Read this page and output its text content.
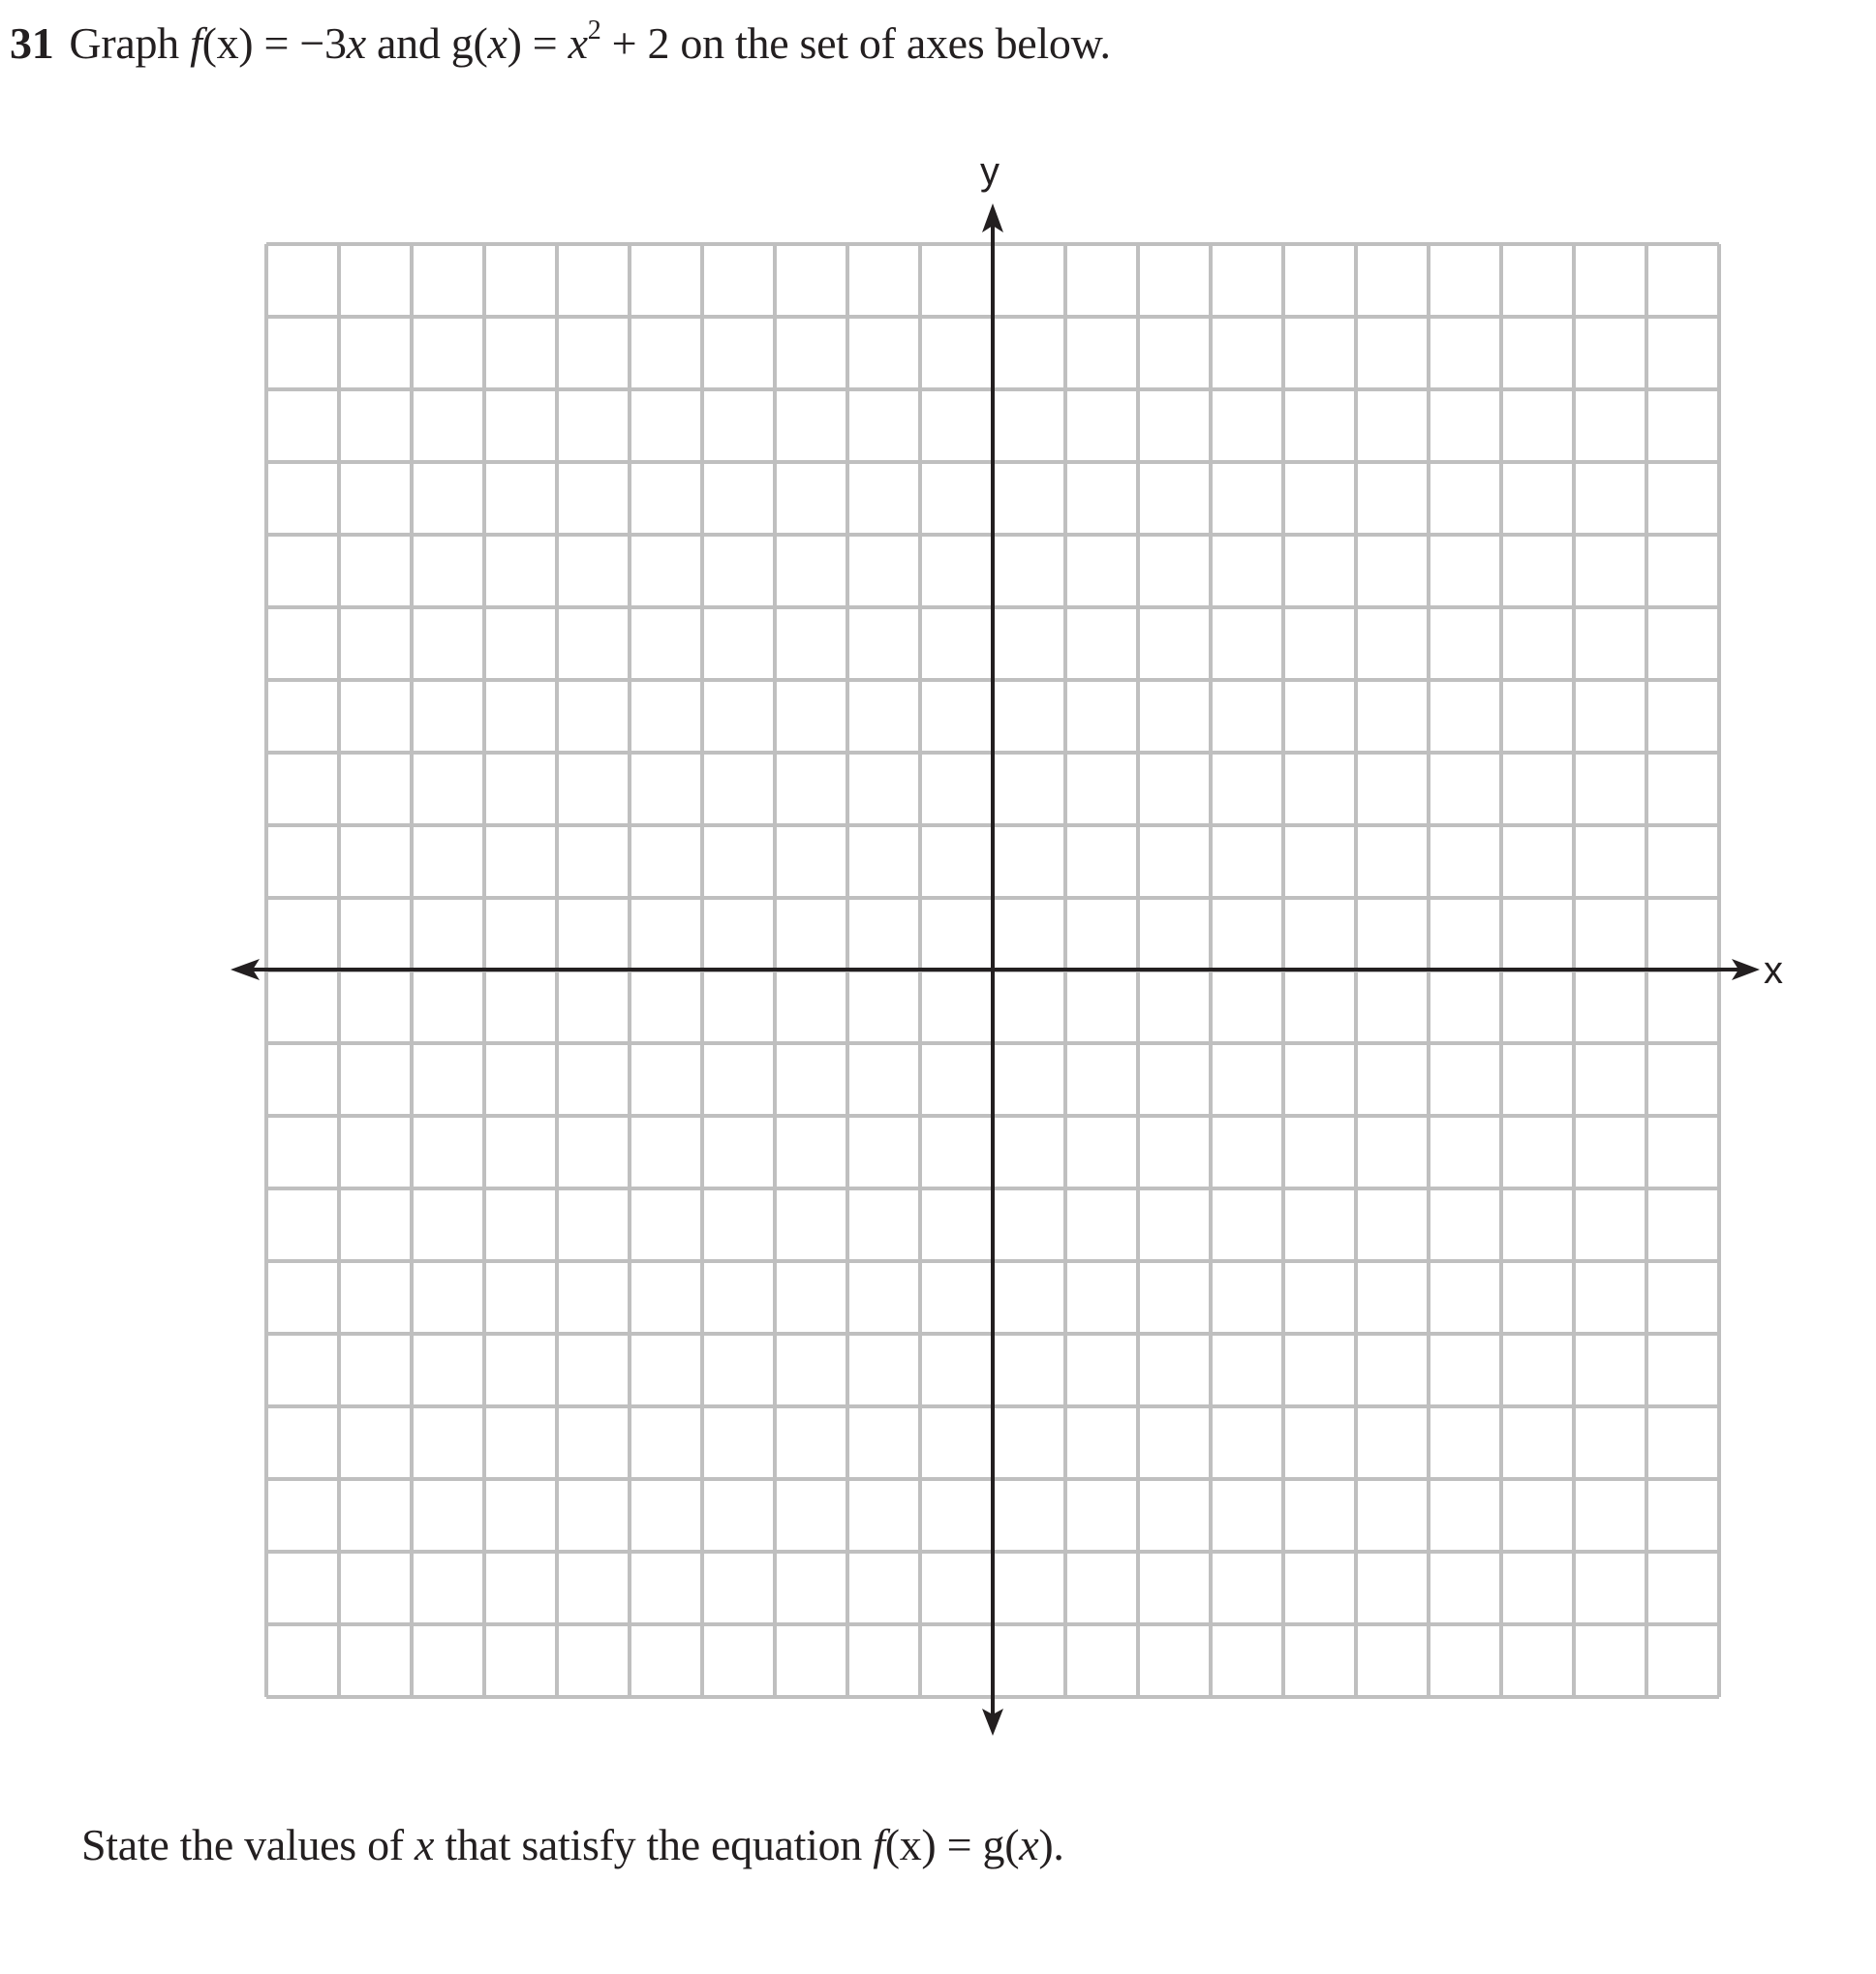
31 Graph f(x) = −3x and $g(x) = x^2 + 2$ on the set of axes below.
x
y
State the values of x that satisfy the equation f(x) = g(x).
